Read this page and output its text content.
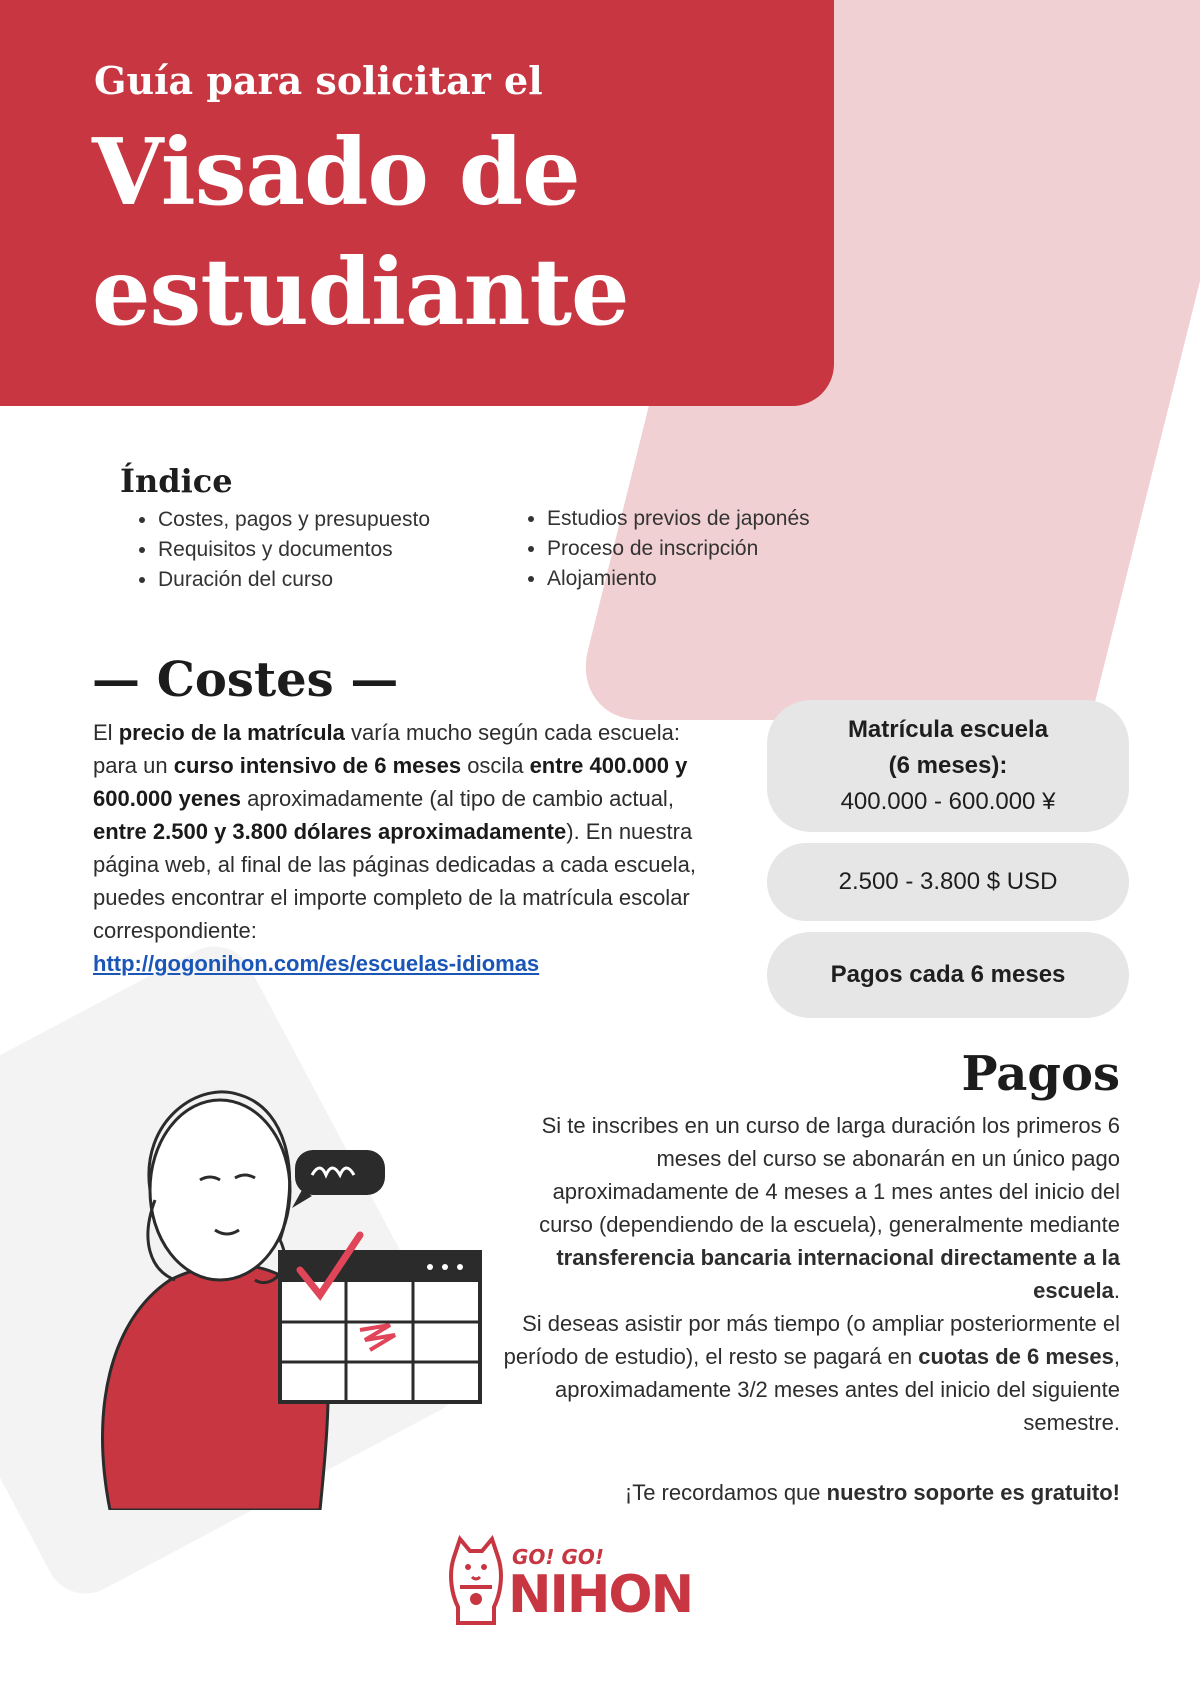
Guía para solicitar el

Visado de
estudiante
Índice
• Costes, pagos y presupuesto
• Requisitos y documentos
• Duración del curso
• Estudios previos de japonés
• Proceso de inscripción
• Alojamiento
— Costes —

El precio de la matrícula varía mucho según cada escuela: para un curso intensivo de 6 meses oscila entre 400.000 y 600.000 yenes aproximadamente (al tipo de cambio actual, entre 2.500 y 3.800 dólares aproximadamente). En nuestra página web, al final de las páginas dedicadas a cada escuela, puedes encontrar el importe completo de la matrícula escolar correspondiente:
http://gogonihon.com/es/escuelas-idiomas

Matrícula escuela
(6 meses):
400.000 - 600.000 ¥
2.500 - 3.800 $ USD
Pagos cada 6 meses
Pagos

Si te inscribes en un curso de larga duración los primeros 6 meses del curso se abonarán en un único pago aproximadamente de 4 meses a 1 mes antes del inicio del curso (dependiendo de la escuela), generalmente mediante transferencia bancaria internacional directamente a la escuela.
Si deseas asistir por más tiempo (o ampliar posteriormente el período de estudio), el resto se pagará en cuotas de 6 meses, aproximadamente 3/2 meses antes del inicio del siguiente semestre.

¡Te recordamos que nuestro soporte es gratuito!

GO! GO!
NIHON
